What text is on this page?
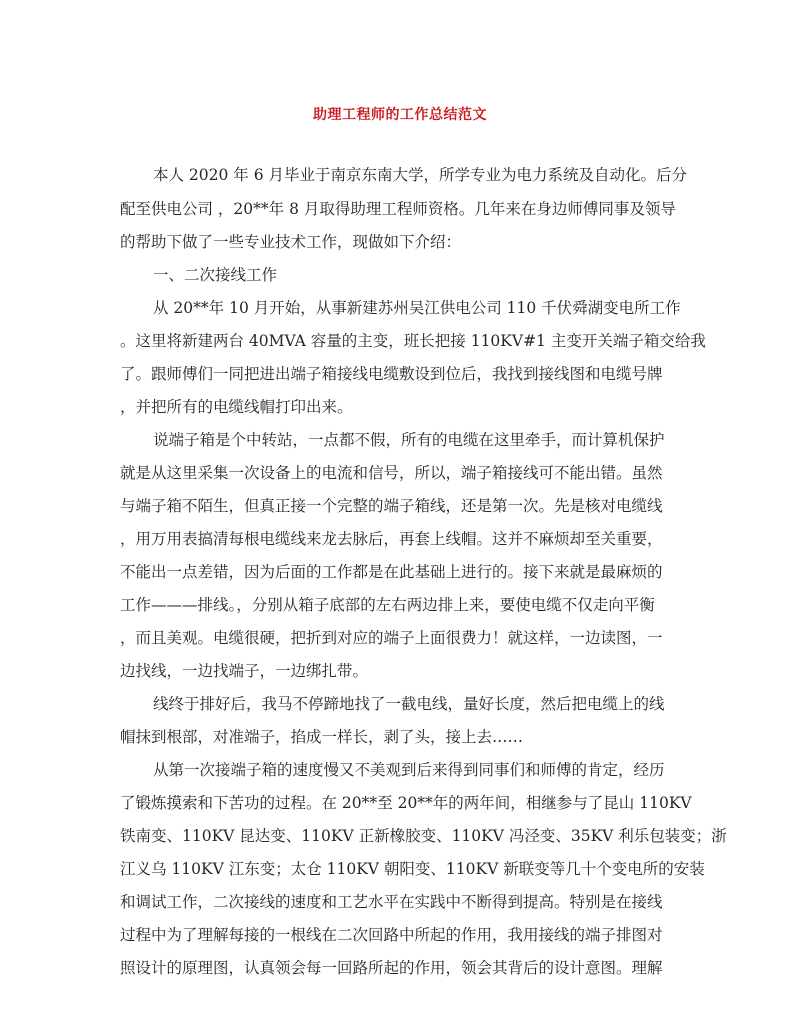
助理工程师的工作总结范文
本人 2020 年 6 月毕业于南京东南大学，所学专业为电力系统及自动化。后分
配至供电公司 ，20**年 8 月取得助理工程师资格。几年来在身边师傅同事及领导
的帮助下做了一些专业技术工作，现做如下介绍：
一、二次接线工作
从 20**年 10 月开始，从事新建苏州吴江供电公司 110 千伏舜湖变电所工作
。这里将新建两台 40MVA 容量的主变，班长把接 110KV#1 主变开关端子箱交给我
了。跟师傅们一同把进出端子箱接线电缆敷设到位后，我找到接线图和电缆号牌
，并把所有的电缆线帽打印出来。
说端子箱是个中转站，一点都不假，所有的电缆在这里牵手，而计算机保护
就是从这里采集一次设备上的电流和信号，所以，端子箱接线可不能出错。虽然
与端子箱不陌生，但真正接一个完整的端子箱线，还是第一次。先是核对电缆线
，用万用表搞清每根电缆线来龙去脉后，再套上线帽。这并不麻烦却至关重要，
不能出一点差错，因为后面的工作都是在此基础上进行的。接下来就是最麻烦的
工作———排线。，分别从箱子底部的左右两边排上来，要使电缆不仅走向平衡
，而且美观。电缆很硬，把折到对应的端子上面很费力！就这样，一边读图，一
边找线，一边找端子，一边绑扎带。
线终于排好后，我马不停蹄地找了一截电线，量好长度，然后把电缆上的线
帽抹到根部，对准端子，掐成一样长，剥了头，接上去……
从第一次接端子箱的速度慢又不美观到后来得到同事们和师傅的肯定，经历
了锻炼摸索和下苦功的过程。在 20**至 20**年的两年间，相继参与了昆山 110KV
铁南变、110KV 昆达变、110KV 正新橡胶变、110KV 冯泾变、35KV 利乐包装变；浙
江义乌 110KV 江东变；太仓 110KV 朝阳变、110KV 新联变等几十个变电所的安装
和调试工作，二次接线的速度和工艺水平在实践中不断得到提高。特别是在接线
过程中为了理解每接的一根线在二次回路中所起的作用，我用接线的端子排图对
照设计的原理图，认真领会每一回路所起的作用，领会其背后的设计意图。理解
